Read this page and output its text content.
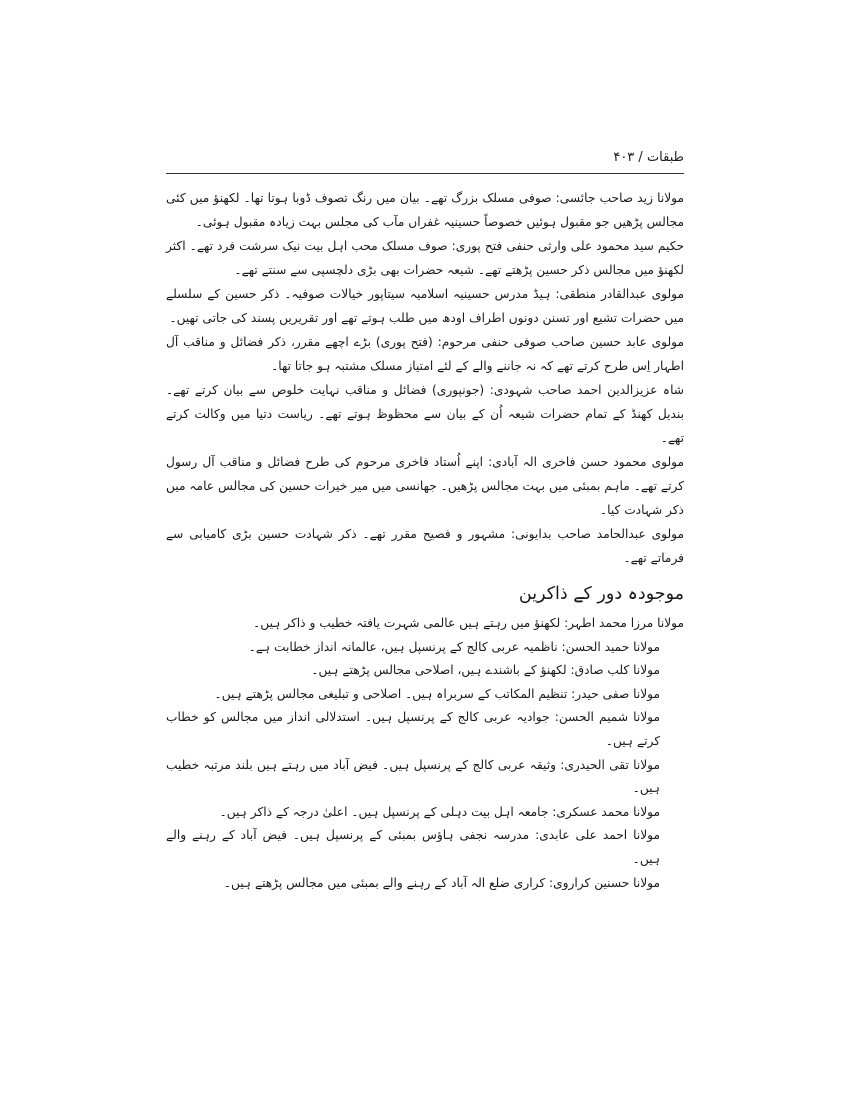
طبقات / ۴۰۳

مولانا زید صاحب جائسی: صوفی مسلک بزرگ تھے۔ بیان میں رنگ تصوف ڈوبا ہوتا تھا۔ لکھنؤ میں کئی مجالس پڑھیں جو مقبول ہوئیں خصوصاً حسینیہ غفراں مآب کی مجلس بہت زیادہ مقبول ہوئی۔

حکیم سید محمود علی وارثی حنفی فتح پوری: صوف مسلک محب اہل بیت نیک سرشت فرد تھے۔ اکثر لکھنؤ میں مجالس ذکر حسین پڑھتے تھے۔ شیعہ حضرات بھی بڑی دلچسپی سے سنتے تھے۔

مولوی عبدالقادر منطقی: ہیڈ مدرس حسینیہ اسلامیہ سیتاپور خیالات صوفیہ۔ ذکر حسین کے سلسلے میں حضرات تشیع اور تسنن دونوں اطراف اودھ میں طلب ہوتے تھے اور تقریریں پسند کی جاتی تھیں۔

مولوی عابد حسین صاحب صوفی حنفی مرحوم: (فتح پوری) بڑے اچھے مقرر، ذکر فضائل و مناقب آل اطہار اِس طرح کرتے تھے کہ نہ جاننے والے کے لئے امتیاز مسلک مشتبہ ہو جاتا تھا۔

شاہ عزیزالدین احمد صاحب شہودی: (جونپوری) فضائل و مناقب نہایت خلوص سے بیان کرتے تھے۔ بندیل کھنڈ کے تمام حضرات شیعہ اُن کے بیان سے محظوظ ہوتے تھے۔ ریاست دتیا میں وکالت کرتے تھے۔

مولوی محمود حسن فاخری الہ آبادی: اپنے اُستاد فاخری مرحوم کی طرح فضائل و مناقب آل رسول کرتے تھے۔ ماہم بمبئی میں بہت مجالس پڑھیں۔ جھانسی میں میر خیرات حسین کی مجالس عامہ میں ذکر شہادت کیا۔

مولوی عبدالحامد صاحب بدایونی: مشہور و فصیح مقرر تھے۔ ذکر شہادت حسین بڑی کامیابی سے فرماتے تھے۔

موجودہ دور کے ذاکرین

مولانا مرزا محمد اطہر: لکھنؤ میں رہتے ہیں عالمی شہرت یافتہ خطیب و ذاکر ہیں۔

مولانا حمید الحسن: ناظمیہ عربی کالج کے پرنسپل ہیں، عالمانہ انداز خطابت ہے۔

مولانا کلب صادق: لکھنؤ کے باشندے ہیں، اصلاحی مجالس پڑھتے ہیں۔

مولانا صفی حیدر: تنظیم المکاتب کے سربراہ ہیں۔ اصلاحی و تبلیغی مجالس پڑھتے ہیں۔

مولانا شمیم الحسن: جوادیہ عربی کالج کے پرنسپل ہیں۔ استدلالی انداز میں مجالس کو خطاب کرتے ہیں۔

مولانا تقی الحیدری: وثیقہ عربی کالج کے پرنسپل ہیں۔ فیض آباد میں رہتے ہیں بلند مرتبہ خطیب ہیں۔

مولانا محمد عسکری: جامعہ اہل بیت دہلی کے پرنسپل ہیں۔ اعلیٰ درجہ کے ذاکر ہیں۔

مولانا احمد علی عابدی: مدرسہ نجفی ہاؤس بمبئی کے پرنسپل ہیں۔ فیض آباد کے رہنے والے ہیں۔

مولانا حسنین کراروی: کراری ضلع الہ آباد کے رہنے والے بمبئی میں مجالس پڑھتے ہیں۔
